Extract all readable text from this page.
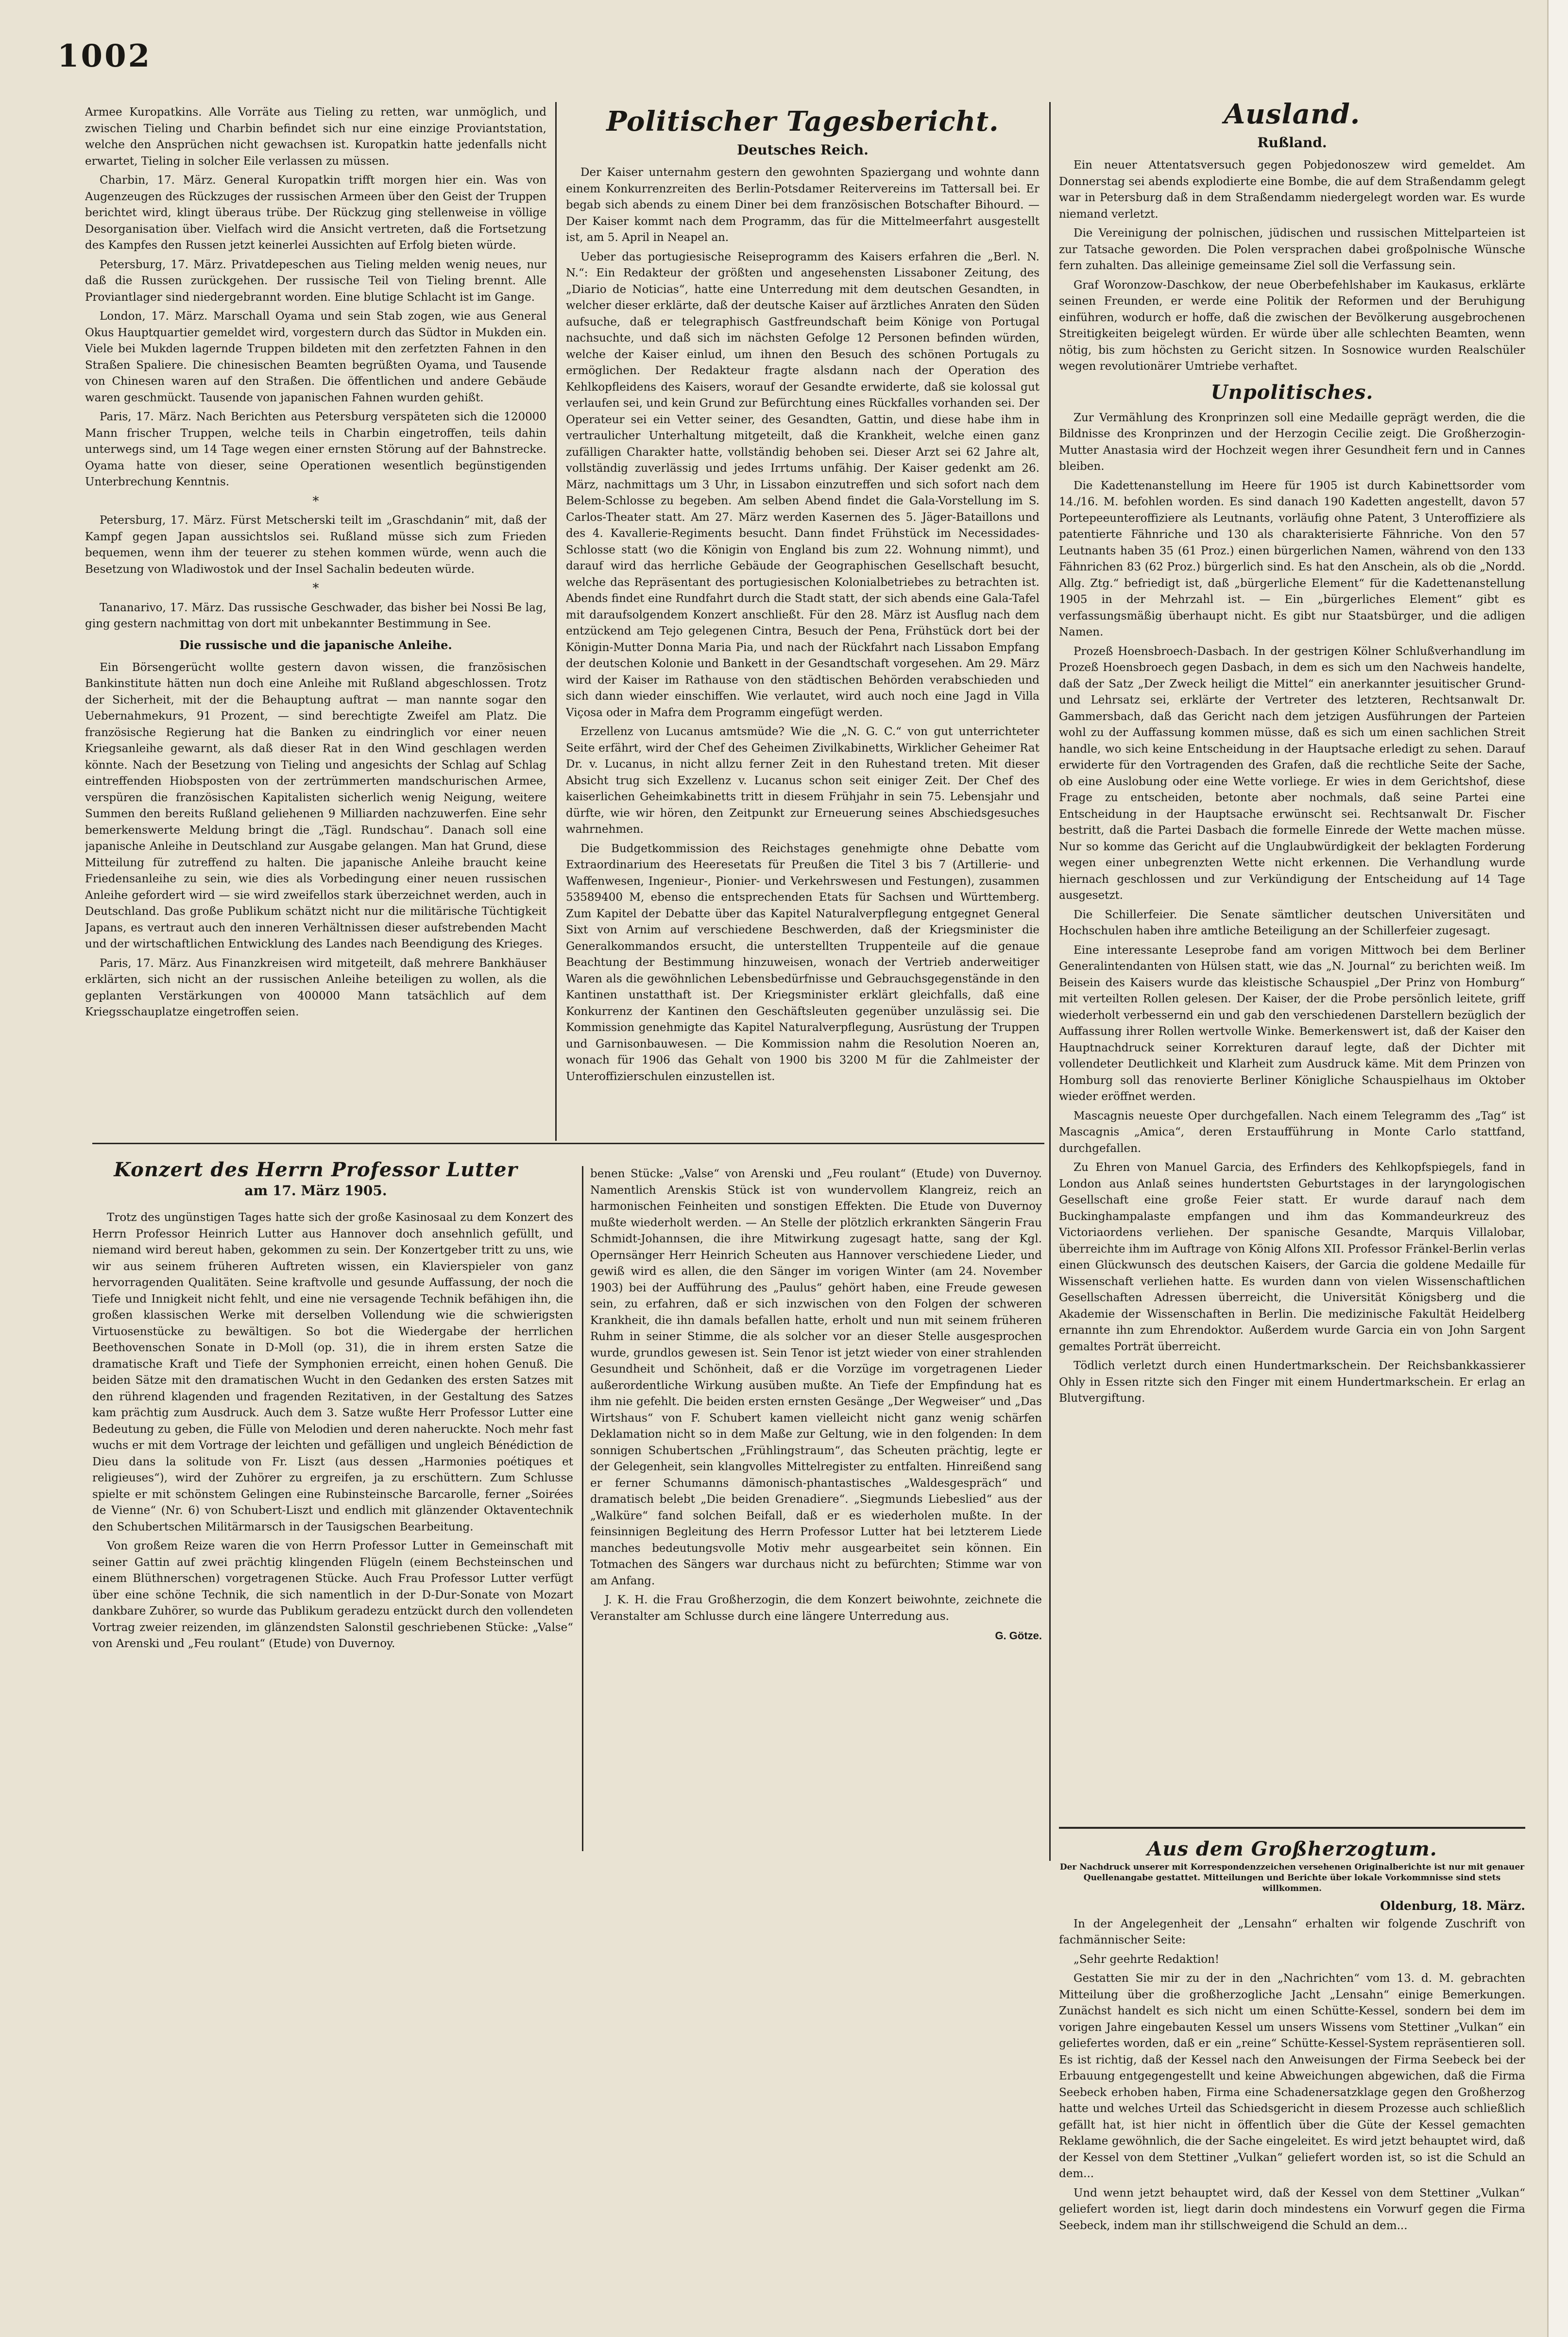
1002

Armee Kuropatkins. Alle Vorräte aus Tieling zu retten, war unmöglich, und zwischen Tieling und Charbin befindet sich nur eine einzige Proviantstation, welche den Ansprüchen nicht gewachsen ist. Kuropatkin hatte jedenfalls nicht erwartet, Tieling in solcher Eile verlassen zu müssen.

Charbin, 17. März. General Kuropatkin trifft morgen hier ein. Was von Augenzeugen des Rückzuges der russischen Armeen über den Geist der Truppen berichtet wird, klingt überaus trübe. Der Rückzug ging stellenweise in völlige Desorganisation über. Vielfach wird die Ansicht vertreten, daß die Fortsetzung des Kampfes den Russen jetzt keinerlei Aussichten auf Erfolg bieten würde.

Petersburg, 17. März. Privatdepeschen aus Tieling melden wenig neues, nur daß die Russen zurückgehen. Der russische Teil von Tieling brennt. Alle Proviantlager sind niedergebrannt worden. Eine blutige Schlacht ist im Gange.

London, 17. März. Marschall Oyama und sein Stab zogen, wie aus General Okus Hauptquartier gemeldet wird, vorgestern durch das Südtor in Mukden ein. Viele bei Mukden lagernde Truppen bildeten mit den zerfetzten Fahnen in den Straßen Spaliere. Die chinesischen Beamten begrüßten Oyama, und Tausende von Chinesen waren auf den Straßen. Die öffentlichen und andere Gebäude waren geschmückt. Tausende von japanischen Fahnen wurden gehißt.

Paris, 17. März. Nach Berichten aus Petersburg verspäteten sich die 120000 Mann frischer Truppen, welche teils in Charbin eingetroffen, teils dahin unterwegs sind, um 14 Tage wegen einer ernsten Störung auf der Bahnstrecke. Oyama hatte von dieser, seine Operationen wesentlich begünstigenden Unterbrechung Kenntnis.

*

Petersburg, 17. März. Fürst Metscherski teilt im „Graschdanin“ mit, daß der Kampf gegen Japan aussichtslos sei. Rußland müsse sich zum Frieden bequemen, wenn ihm der teuerer zu stehen kommen würde, wenn auch die Besetzung von Wladiwostok und der Insel Sachalin bedeuten würde.

*

Tananarivo, 17. März. Das russische Geschwader, das bisher bei Nossi Be lag, ging gestern nachmittag von dort mit unbekannter Bestimmung in See.

Die russische und die japanische Anleihe.

Ein Börsengerücht wollte gestern davon wissen, die französischen Bankinstitute hätten nun doch eine Anleihe mit Rußland abgeschlossen. Trotz der Sicherheit, mit der die Behauptung auftrat — man nannte sogar den Uebernahmekurs, 91 Prozent, — sind berechtigte Zweifel am Platz. Die französische Regierung hat die Banken zu eindringlich vor einer neuen Kriegsanleihe gewarnt, als daß dieser Rat in den Wind geschlagen werden könnte. Nach der Besetzung von Tieling und angesichts der Schlag auf Schlag eintreffenden Hiobsposten von der zertrümmerten mandschurischen Armee, verspüren die französischen Kapitalisten sicherlich wenig Neigung, weitere Summen den bereits Rußland geliehenen 9 Milliarden nachzuwerfen. Eine sehr bemerkenswerte Meldung bringt die „Tägl. Rundschau“. Danach soll eine japanische Anleihe in Deutschland zur Ausgabe gelangen. Man hat Grund, diese Mitteilung für zutreffend zu halten. Die japanische Anleihe braucht keine Friedensanleihe zu sein, wie dies als Vorbedingung einer neuen russischen Anleihe gefordert wird — sie wird zweifellos stark überzeichnet werden, auch in Deutschland. Das große Publikum schätzt nicht nur die militärische Tüchtigkeit Japans, es vertraut auch den inneren Verhältnissen dieser aufstrebenden Macht und der wirtschaftlichen Entwicklung des Landes nach Beendigung des Krieges.

Paris, 17. März. Aus Finanzkreisen wird mitgeteilt, daß mehrere Bankhäuser erklärten, sich nicht an der russischen Anleihe beteiligen zu wollen, als die geplanten Verstärkungen von 400000 Mann tatsächlich auf dem Kriegsschauplatze eingetroffen seien.

Politischer Tagesbericht.
Deutsches Reich.

Der Kaiser unternahm gestern den gewohnten Spaziergang und wohnte dann einem Konkurrenzreiten des Berlin-Potsdamer Reitervereins im Tattersall bei. Er begab sich abends zu einem Diner bei dem französischen Botschafter Bihourd. — Der Kaiser kommt nach dem Programm, das für die Mittelmeerfahrt ausgestellt ist, am 5. April in Neapel an.

Ueber das portugiesische Reiseprogramm des Kaisers erfahren die „Berl. N. N.“: Ein Redakteur der größten und angesehensten Lissaboner Zeitung, des „Diario de Noticias“, hatte eine Unterredung mit dem deutschen Gesandten, in welcher dieser erklärte, daß der deutsche Kaiser auf ärztliches Anraten den Süden aufsuche, daß er telegraphisch Gastfreundschaft beim Könige von Portugal nachsuchte, und daß sich im nächsten Gefolge 12 Personen befinden würden, welche der Kaiser einlud, um ihnen den Besuch des schönen Portugals zu ermöglichen. Der Redakteur fragte alsdann nach der Operation des Kehlkopfleidens des Kaisers, worauf der Gesandte erwiderte, daß sie kolossal gut verlaufen sei, und kein Grund zur Befürchtung eines Rückfalles vorhanden sei. Der Operateur sei ein Vetter seiner, des Gesandten, Gattin, und diese habe ihm in vertraulicher Unterhaltung mitgeteilt, daß die Krankheit, welche einen ganz zufälligen Charakter hatte, vollständig behoben sei. Dieser Arzt sei 62 Jahre alt, vollständig zuverlässig und jedes Irrtums unfähig. Der Kaiser gedenkt am 26. März, nachmittags um 3 Uhr, in Lissabon einzutreffen und sich sofort nach dem Belem-Schlosse zu begeben. Am selben Abend findet die Gala-Vorstellung im S. Carlos-Theater statt. Am 27. März werden Kasernen des 5. Jäger-Bataillons und des 4. Kavallerie-Regiments besucht. Dann findet Frühstück im Necessidades-Schlosse statt (wo die Königin von England bis zum 22. Wohnung nimmt), und darauf wird das herrliche Gebäude der Geographischen Gesellschaft besucht, welche das Repräsentant des portugiesischen Kolonialbetriebes zu betrachten ist. Abends findet eine Rundfahrt durch die Stadt statt, der sich abends eine Gala-Tafel mit daraufsolgendem Konzert anschließt. Für den 28. März ist Ausflug nach dem entzückend am Tejo gelegenen Cintra, Besuch der Pena, Frühstück dort bei der Königin-Mutter Donna Maria Pia, und nach der Rückfahrt nach Lissabon Empfang der deutschen Kolonie und Bankett in der Gesandtschaft vorgesehen. Am 29. März wird der Kaiser im Rathause von den städtischen Behörden verabschieden und sich dann wieder einschiffen. Wie verlautet, wird auch noch eine Jagd in Villa Viçosa oder in Mafra dem Programm eingefügt werden.

Erzellenz von Lucanus amtsmüde? Wie die „N. G. C.“ von gut unterrichteter Seite erfährt, wird der Chef des Geheimen Zivilkabinetts, Wirklicher Geheimer Rat Dr. v. Lucanus, in nicht allzu ferner Zeit in den Ruhestand treten. Mit dieser Absicht trug sich Exzellenz v. Lucanus schon seit einiger Zeit. Der Chef des kaiserlichen Geheimkabinetts tritt in diesem Frühjahr in sein 75. Lebensjahr und dürfte, wie wir hören, den Zeitpunkt zur Erneuerung seines Abschiedsgesuches wahrnehmen.

Die Budgetkommission des Reichstages genehmigte ohne Debatte vom Extraordinarium des Heeresetats für Preußen die Titel 3 bis 7 (Artillerie- und Waffenwesen, Ingenieur-, Pionier- und Verkehrswesen und Festungen), zusammen 53589400 M, ebenso die entsprechenden Etats für Sachsen und Württemberg. Zum Kapitel der Debatte über das Kapitel Naturalverpflegung entgegnet General Sixt von Arnim auf verschiedene Beschwerden, daß der Kriegsminister die Generalkommandos ersucht, die unterstellten Truppenteile auf die genaue Beachtung der Bestimmung hinzuweisen, wonach der Vertrieb anderweitiger Waren als die gewöhnlichen Lebensbedürfnisse und Gebrauchsgegenstände in den Kantinen unstatthaft ist. Der Kriegsminister erklärt gleichfalls, daß eine Konkurrenz der Kantinen den Geschäftsleuten gegenüber unzulässig sei. Die Kommission genehmigte das Kapitel Naturalverpflegung, Ausrüstung der Truppen und Garnisonbauwesen. — Die Kommission nahm die Resolution Noeren an, wonach für 1906 das Gehalt von 1900 bis 3200 M für die Zahlmeister der Unteroffizierschulen einzustellen ist.

Ausland.
Rußland.

Ein neuer Attentatsversuch gegen Pobjedonoszew wird gemeldet. Am Donnerstag sei abends explodierte eine Bombe, die auf dem Straßendamm gelegt war in Petersburg daß in dem Straßendamm niedergelegt worden war. Es wurde niemand verletzt.

Die Vereinigung der polnischen, jüdischen und russischen Mittelparteien ist zur Tatsache geworden. Die Polen versprachen dabei großpolnische Wünsche fern zuhalten. Das alleinige gemeinsame Ziel soll die Verfassung sein.

Graf Woronzow-Daschkow, der neue Oberbefehlshaber im Kaukasus, erklärte seinen Freunden, er werde eine Politik der Reformen und der Beruhigung einführen, wodurch er hoffe, daß die zwischen der Bevölkerung ausgebrochenen Streitigkeiten beigelegt würden. Er würde über alle schlechten Beamten, wenn nötig, bis zum höchsten zu Gericht sitzen. In Sosnowice wurden Realschüler wegen revolutionärer Umtriebe verhaftet.

Unpolitisches.

Zur Vermählung des Kronprinzen soll eine Medaille geprägt werden, die die Bildnisse des Kronprinzen und der Herzogin Cecilie zeigt. Die Großherzogin-Mutter Anastasia wird der Hochzeit wegen ihrer Gesundheit fern und in Cannes bleiben.

Die Kadettenanstellung im Heere für 1905 ist durch Kabinettsorder vom 14./16. M. befohlen worden. Es sind danach 190 Kadetten angestellt, davon 57 Portepeeunteroffiziere als Leutnants, vorläufig ohne Patent, 3 Unteroffiziere als patentierte Fähnriche und 130 als charakterisierte Fähnriche. Von den 57 Leutnants haben 35 (61 Proz.) einen bürgerlichen Namen, während von den 133 Fähnrichen 83 (62 Proz.) bürgerlich sind. Es hat den Anschein, als ob die „Nordd. Allg. Ztg.“ befriedigt ist, daß „bürgerliche Element“ für die Kadettenanstellung 1905 in der Mehrzahl ist. — Ein „bürgerliches Element“ gibt es verfassungsmäßig überhaupt nicht. Es gibt nur Staatsbürger, und die adligen Namen.

Prozeß Hoensbroech-Dasbach. In der gestrigen Kölner Schlußverhandlung im Prozeß Hoensbroech gegen Dasbach, in dem es sich um den Nachweis handelte, daß der Satz „Der Zweck heiligt die Mittel“ ein anerkannter jesuitischer Grund- und Lehrsatz sei, erklärte der Vertreter des letzteren, Rechtsanwalt Dr. Gammersbach, daß das Gericht nach dem jetzigen Ausführungen der Parteien wohl zu der Auffassung kommen müsse, daß es sich um einen sachlichen Streit handle, wo sich keine Entscheidung in der Hauptsache erledigt zu sehen. Darauf erwiderte für den Vortragenden des Grafen, daß die rechtliche Seite der Sache, ob eine Auslobung oder eine Wette vorliege. Er wies in dem Gerichtshof, diese Frage zu entscheiden, betonte aber nochmals, daß seine Partei eine Entscheidung in der Hauptsache erwünscht sei. Rechtsanwalt Dr. Fischer bestritt, daß die Partei Dasbach die formelle Einrede der Wette machen müsse. Nur so komme das Gericht auf die Unglaubwürdigkeit der beklagten Forderung wegen einer unbegrenzten Wette nicht erkennen. Die Verhandlung wurde hiernach geschlossen und zur Verkündigung der Entscheidung auf 14 Tage ausgesetzt.

Die Schillerfeier. Die Senate sämtlicher deutschen Universitäten und Hochschulen haben ihre amtliche Beteiligung an der Schillerfeier zugesagt.

Eine interessante Leseprobe fand am vorigen Mittwoch bei dem Berliner Generalintendanten von Hülsen statt, wie das „N. Journal“ zu berichten weiß. Im Beisein des Kaisers wurde das kleistische Schauspiel „Der Prinz von Homburg“ mit verteilten Rollen gelesen. Der Kaiser, der die Probe persönlich leitete, griff wiederholt verbessernd ein und gab den verschiedenen Darstellern bezüglich der Auffassung ihrer Rollen wertvolle Winke. Bemerkenswert ist, daß der Kaiser den Hauptnachdruck seiner Korrekturen darauf legte, daß der Dichter mit vollendeter Deutlichkeit und Klarheit zum Ausdruck käme. Mit dem Prinzen von Homburg soll das renovierte Berliner Königliche Schauspielhaus im Oktober wieder eröffnet werden.

Mascagnis neueste Oper durchgefallen. Nach einem Telegramm des „Tag“ ist Mascagnis „Amica“, deren Erstaufführung in Monte Carlo stattfand, durchgefallen.

Zu Ehren von Manuel Garcia, des Erfinders des Kehlkopfspiegels, fand in London aus Anlaß seines hundertsten Geburtstages in der laryngologischen Gesellschaft eine große Feier statt. Er wurde darauf nach dem Buckinghampalaste empfangen und ihm das Kommandeurkreuz des Victoriaordens verliehen. Der spanische Gesandte, Marquis Villalobar, überreichte ihm im Auftrage von König Alfons XII. Professor Fränkel-Berlin verlas einen Glückwunsch des deutschen Kaisers, der Garcia die goldene Medaille für Wissenschaft verliehen hatte. Es wurden dann von vielen Wissenschaftlichen Gesellschaften Adressen überreicht, die Universität Königsberg und die Akademie der Wissenschaften in Berlin. Die medizinische Fakultät Heidelberg ernannte ihn zum Ehrendoktor. Außerdem wurde Garcia ein von John Sargent gemaltes Porträt überreicht.

Tödlich verletzt durch einen Hundertmarkschein. Der Reichsbankkassierer Ohly in Essen ritzte sich den Finger mit einem Hundertmarkschein. Er erlag an Blutvergiftung.

Konzert des Herrn Professor Lutter
am 17. März 1905.

Trotz des ungünstigen Tages hatte sich der große Kasinosaal zu dem Konzert des Herrn Professor Heinrich Lutter aus Hannover doch ansehnlich gefüllt, und niemand wird bereut haben, gekommen zu sein. Der Konzertgeber tritt zu uns, wie wir aus seinem früheren Auftreten wissen, ein Klavierspieler von ganz hervorragenden Qualitäten. Seine kraftvolle und gesunde Auffassung, der noch die Tiefe und Innigkeit nicht fehlt, und eine nie versagende Technik befähigen ihn, die großen klassischen Werke mit derselben Vollendung wie die schwierigsten Virtuosenstücke zu bewältigen. So bot die Wiedergabe der herrlichen Beethovenschen Sonate in D-Moll (op. 31), die in ihrem ersten Satze die dramatische Kraft und Tiefe der Symphonien erreicht, einen hohen Genuß. Die beiden Sätze mit den dramatischen Wucht in den Gedanken des ersten Satzes mit den rührend klagenden und fragenden Rezitativen, in der Gestaltung des Satzes kam prächtig zum Ausdruck. Auch dem 3. Satze wußte Herr Professor Lutter eine Bedeutung zu geben, die Fülle von Melodien und deren naheruckte. Noch mehr fast wuchs er mit dem Vortrage der leichten und gefälligen und ungleich Bénédiction de Dieu dans la solitude von Fr. Liszt (aus dessen „Harmonies poétiques et religieuses“), wird der Zuhörer zu ergreifen, ja zu erschüttern. Zum Schlusse spielte er mit schönstem Gelingen eine Rubinsteinsche Barcarolle, ferner „Soirées de Vienne“ (Nr. 6) von Schubert-Liszt und endlich mit glänzender Oktaventechnik den Schubertschen Militärmarsch in der Tausigschen Bearbeitung.

Von großem Reize waren die von Herrn Professor Lutter in Gemeinschaft mit seiner Gattin auf zwei prächtig klingenden Flügeln (einem Bechsteinschen und einem Blüthnerschen) vorgetragenen Stücke. Auch Frau Professor Lutter verfügt über eine schöne Technik, die sich namentlich in der D-Dur-Sonate von Mozart dankbare Zuhörer, so wurde das Publikum geradezu entzückt durch den vollendeten Vortrag zweier reizenden, im glänzendsten Salonstil geschriebenen Stücke: „Valse“ von Arenski und „Feu roulant“ (Etude) von Duvernoy.

benen Stücke: „Valse“ von Arenski und „Feu roulant“ (Etude) von Duvernoy. Namentlich Arenskis Stück ist von wundervollem Klangreiz, reich an harmonischen Feinheiten und sonstigen Effekten. Die Etude von Duvernoy mußte wiederholt werden. — An Stelle der plötzlich erkrankten Sängerin Frau Schmidt-Johannsen, die ihre Mitwirkung zugesagt hatte, sang der Kgl. Opernsänger Herr Heinrich Scheuten aus Hannover verschiedene Lieder, und gewiß wird es allen, die den Sänger im vorigen Winter (am 24. November 1903) bei der Aufführung des „Paulus“ gehört haben, eine Freude gewesen sein, zu erfahren, daß er sich inzwischen von den Folgen der schweren Krankheit, die ihn damals befallen hatte, erholt und nun mit seinem früheren Ruhm in seiner Stimme, die als solcher vor an dieser Stelle ausgesprochen wurde, grundlos gewesen ist. Sein Tenor ist jetzt wieder von einer strahlenden Gesundheit und Schönheit, daß er die Vorzüge im vorgetragenen Lieder außerordentliche Wirkung ausüben mußte. An Tiefe der Empfindung hat es ihm nie gefehlt. Die beiden ersten ernsten Gesänge „Der Wegweiser“ und „Das Wirtshaus“ von F. Schubert kamen vielleicht nicht ganz wenig schärfen Deklamation nicht so in dem Maße zur Geltung, wie in den folgenden: In dem sonnigen Schubertschen „Frühlingstraum“, das Scheuten prächtig, legte er der Gelegenheit, sein klangvolles Mittelregister zu entfalten. Hinreißend sang er ferner Schumanns dämonisch-phantastisches „Waldesgespräch“ und dramatisch belebt „Die beiden Grenadiere“. „Siegmunds Liebeslied“ aus der „Walküre“ fand solchen Beifall, daß er es wiederholen mußte. In der feinsinnigen Begleitung des Herrn Professor Lutter hat bei letzterem Liede manches bedeutungsvolle Motiv mehr ausgearbeitet sein können. Ein Totmachen des Sängers war durchaus nicht zu befürchten; Stimme war von am Anfang.

J. K. H. die Frau Großherzogin, die dem Konzert beiwohnte, zeichnete die Veranstalter am Schlusse durch eine längere Unterredung aus.

G. Götze.
Aus dem Großherzogtum.
Der Nachdruck unserer mit Korrespondenzzeichen versehenen Originalberichte ist nur mit genauer Quellenangabe gestattet. Mitteilungen und Berichte über lokale Vorkommnisse sind stets willkommen.
Oldenburg, 18. März.

In der Angelegenheit der „Lensahn“ erhalten wir folgende Zuschrift von fachmännischer Seite:

„Sehr geehrte Redaktion!

Gestatten Sie mir zu der in den „Nachrichten“ vom 13. d. M. gebrachten Mitteilung über die großherzogliche Jacht „Lensahn“ einige Bemerkungen. Zunächst handelt es sich nicht um einen Schütte-Kessel, sondern bei dem im vorigen Jahre eingebauten Kessel um unsers Wissens vom Stettiner „Vulkan“ ein geliefertes worden, daß er ein „reine“ Schütte-Kessel-System repräsentieren soll. Es ist richtig, daß der Kessel nach den Anweisungen der Firma Seebeck bei der Erbauung entgegengestellt und keine Abweichungen abgewichen, daß die Firma Seebeck erhoben haben, Firma eine Schadenersatzklage gegen den Großherzog hatte und welches Urteil das Schiedsgericht in diesem Prozesse auch schließlich gefällt hat, ist hier nicht in öffentlich über die Güte der Kessel gemachten Reklame gewöhnlich, die der Sache eingeleitet. Es wird jetzt behauptet wird, daß der Kessel von dem Stettiner „Vulkan“ geliefert worden ist, so ist die Schuld an dem...

Und wenn jetzt behauptet wird, daß der Kessel von dem Stettiner „Vulkan“ geliefert worden ist, liegt darin doch mindestens ein Vorwurf gegen die Firma Seebeck, indem man ihr stillschweigend die Schuld an dem...
